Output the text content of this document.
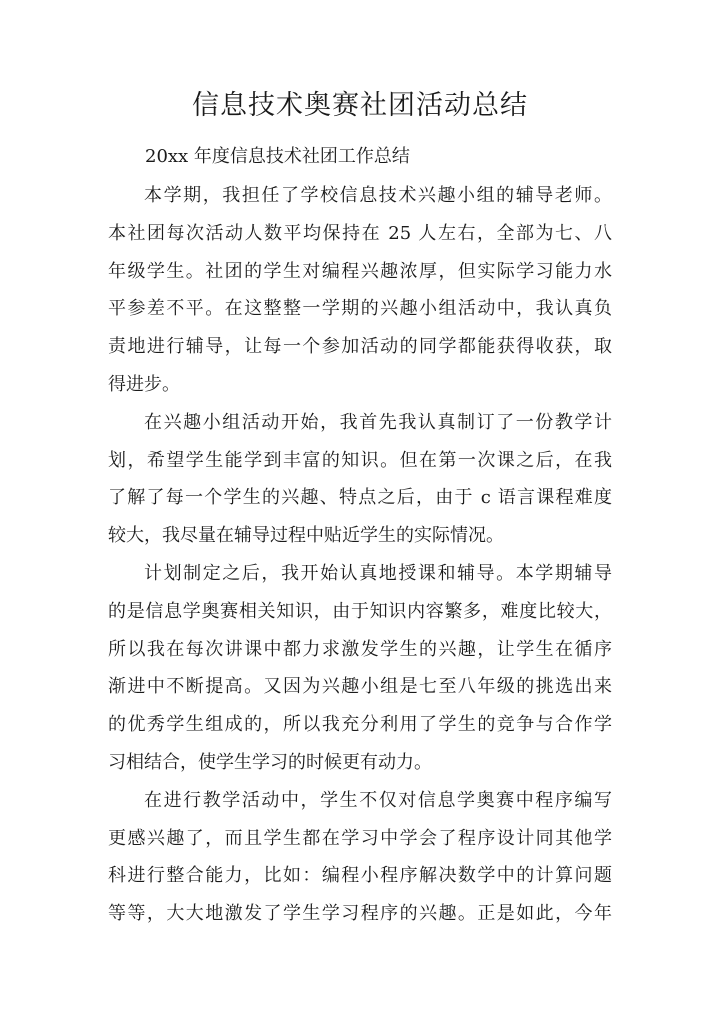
信息技术奥赛社团活动总结

20xx 年度信息技术社团工作总结

本学期，我担任了学校信息技术兴趣小组的辅导老师。
本社团每次活动人数平均保持在 25 人左右，全部为七、八
年级学生。社团的学生对编程兴趣浓厚，但实际学习能力水
平参差不平。在这整整一学期的兴趣小组活动中，我认真负
责地进行辅导，让每一个参加活动的同学都能获得收获，取
得进步。

在兴趣小组活动开始，我首先我认真制订了一份教学计
划，希望学生能学到丰富的知识。但在第一次课之后，在我
了解了每一个学生的兴趣、特点之后，由于 c 语言课程难度
较大，我尽量在辅导过程中贴近学生的实际情况。

计划制定之后，我开始认真地授课和辅导。本学期辅导
的是信息学奥赛相关知识，由于知识内容繁多，难度比较大，
所以我在每次讲课中都力求激发学生的兴趣，让学生在循序
渐进中不断提高。又因为兴趣小组是七至八年级的挑选出来
的优秀学生组成的，所以我充分利用了学生的竞争与合作学
习相结合，使学生学习的时候更有动力。

在进行教学活动中，学生不仅对信息学奥赛中程序编写
更感兴趣了，而且学生都在学习中学会了程序设计同其他学
科进行整合能力，比如：编程小程序解决数学中的计算问题
等等，大大地激发了学生学习程序的兴趣。正是如此，今年
